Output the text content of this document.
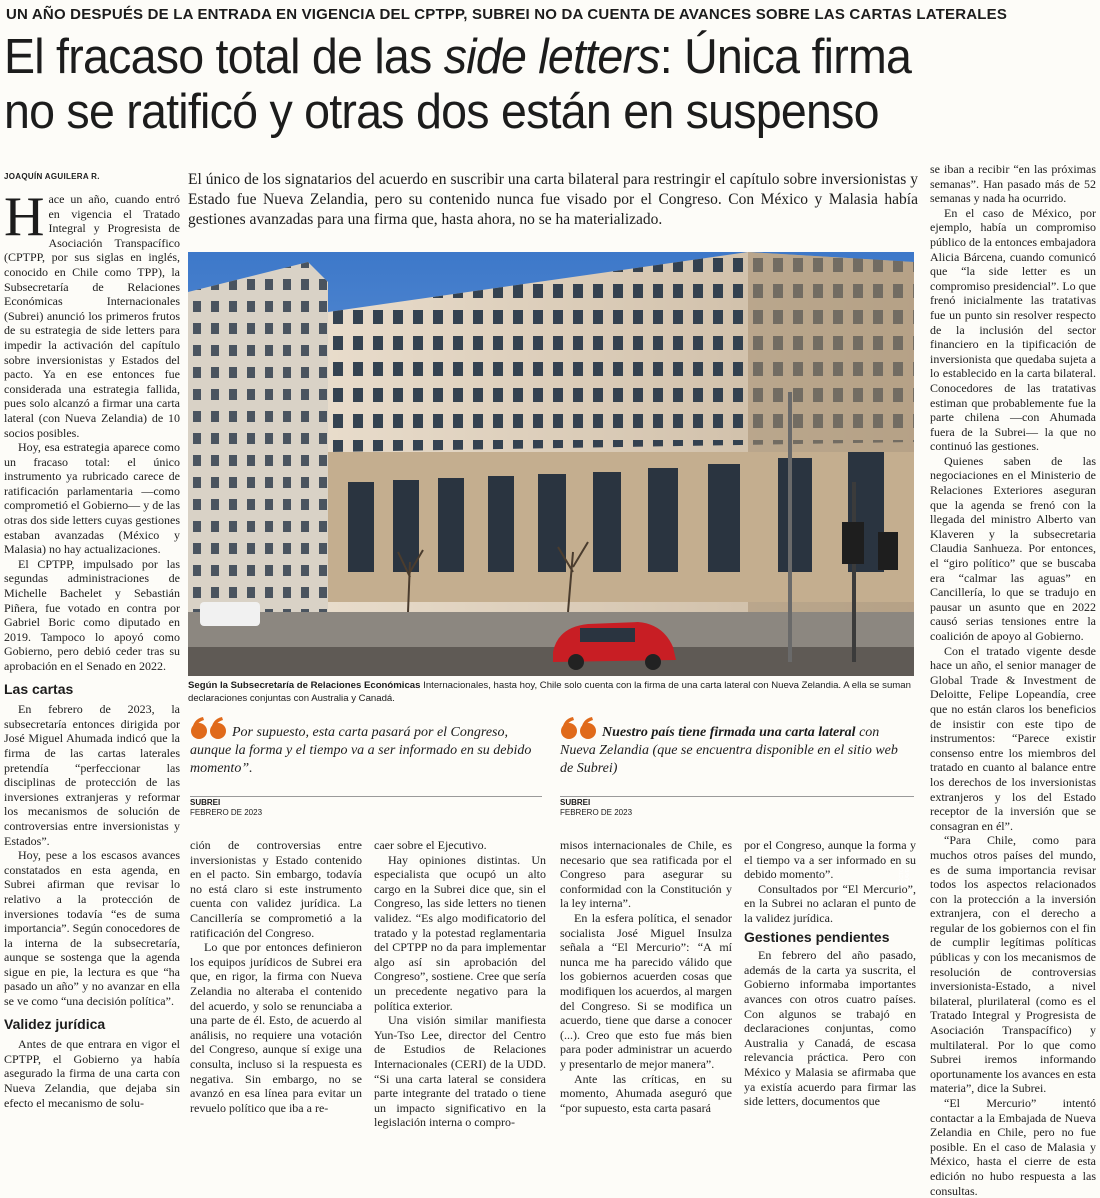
UN AÑO DESPUÉS DE LA ENTRADA EN VIGENCIA DEL CPTPP, SUBREI NO DA CUENTA DE AVANCES SOBRE LAS CARTAS LATERALES
El fracaso total de las side letters: Única firma
no se ratificó y otras dos están en suspenso
JOAQUÍN AGUILERA R.

Hace un año, cuando entró en vigencia el Tratado Integral y Progresista de Asociación Transpacífico (CPTPP, por sus siglas en inglés, conocido en Chile como TPP), la Subsecretaría de Relaciones Económicas Internacionales (Subrei) anunció los primeros frutos de su estrategia de side letters para impedir la activación del capítulo sobre inversionistas y Estados del pacto. Ya en ese entonces fue considerada una estrategia fallida, pues solo alcanzó a firmar una carta lateral (con Nueva Zelandia) de 10 socios posibles.

Hoy, esa estrategia aparece como un fracaso total: el único instrumento ya rubricado carece de ratificación parlamentaria —como comprometió el Gobierno— y de las otras dos side letters cuyas gestiones estaban avanzadas (México y Malasia) no hay actualizaciones.

El CPTPP, impulsado por las segundas administraciones de Michelle Bachelet y Sebastián Piñera, fue votado en contra por Gabriel Boric como diputado en 2019. Tampoco lo apoyó como Gobierno, pero debió ceder tras su aprobación en el Senado en 2022.

Las cartas

En febrero de 2023, la subsecretaría entonces dirigida por José Miguel Ahumada indicó que la firma de las cartas laterales pretendía “perfeccionar las disciplinas de protección de las inversiones extranjeras y reformar los mecanismos de solución de controversias entre inversionistas y Estados”.

Hoy, pese a los escasos avances constatados en esta agenda, en Subrei afirman que revisar lo relativo a la protección de inversiones todavía “es de suma importancia”. Según conocedores de la interna de la subsecretaría, aunque se sostenga que la agenda sigue en pie, la lectura es que “ha pasado un año” y no avanzar en ella se ve como “una decisión política”.

Validez jurídica

Antes de que entrara en vigor el CPTPP, el Gobierno ya había asegurado la firma de una carta con Nueva Zelandia, que dejaba sin efecto el mecanismo de solu-

El único de los signatarios del acuerdo en suscribir una carta bilateral para restringir el capítulo sobre inversionistas y Estado fue Nueva Zelandia, pero su contenido nunca fue visado por el Congreso. Con México y Malasia había gestiones avanzadas para una firma que, hasta ahora, no se ha materializado.
HÉCTOR ARAVENA
Según la Subsecretaría de Relaciones Económicas Internacionales, hasta hoy, Chile solo cuenta con la firma de una carta lateral con Nueva Zelandia. A ella se suman declaraciones conjuntas con Australia y Canadá.
Por supuesto, esta carta pasará por el Congreso, aunque la forma y el tiempo va a ser informado en su debido momento”.
SUBREI
FEBRERO DE 2023
Nuestro país tiene firmada una carta lateral con Nueva Zelandia (que se encuentra disponible en el sitio web de Subrei)
SUBREI
FEBRERO DE 2023

ción de controversias entre inversionistas y Estado contenido en el pacto. Sin embargo, todavía no está claro si este instrumento cuenta con validez jurídica. La Cancillería se comprometió a la ratificación del Congreso.

Lo que por entonces definieron los equipos jurídicos de Subrei era que, en rigor, la firma con Nueva Zelandia no alteraba el contenido del acuerdo, y solo se renunciaba a una parte de él. Esto, de acuerdo al análisis, no requiere una votación del Congreso, aunque sí exige una consulta, incluso si la respuesta es negativa. Sin embargo, no se avanzó en esa línea para evitar un revuelo político que iba a re-

caer sobre el Ejecutivo.

Hay opiniones distintas. Un especialista que ocupó un alto cargo en la Subrei dice que, sin el Congreso, las side letters no tienen validez. “Es algo modificatorio del tratado y la potestad reglamentaria del CPTPP no da para implementar algo así sin aprobación del Congreso”, sostiene. Cree que sería un precedente negativo para la política exterior.

Una visión similar manifiesta Yun-Tso Lee, director del Centro de Estudios de Relaciones Internacionales (CERI) de la UDD. “Si una carta lateral se considera parte integrante del tratado o tiene un impacto significativo en la legislación interna o compro-

misos internacionales de Chile, es necesario que sea ratificada por el Congreso para asegurar su conformidad con la Constitución y la ley interna”.

En la esfera política, el senador socialista José Miguel Insulza señala a “El Mercurio”: “A mí nunca me ha parecido válido que los gobiernos acuerden cosas que modifiquen los acuerdos, al margen del Congreso. Si se modifica un acuerdo, tiene que darse a conocer (...). Creo que esto fue más bien para poder administrar un acuerdo y presentarlo de mejor manera”.

Ante las críticas, en su momento, Ahumada aseguró que “por supuesto, esta carta pasará

por el Congreso, aunque la forma y el tiempo va a ser informado en su debido momento”.

Consultados por “El Mercurio”, en la Subrei no aclaran el punto de la validez jurídica.

Gestiones pendientes

En febrero del año pasado, además de la carta ya suscrita, el Gobierno informaba importantes avances con otros cuatro países. Con algunos se trabajó en declaraciones conjuntas, como Australia y Canadá, de escasa relevancia práctica. Pero con México y Malasia se afirmaba que ya existía acuerdo para firmar las side letters, documentos que

se iban a recibir “en las próximas semanas”. Han pasado más de 52 semanas y nada ha ocurrido.

En el caso de México, por ejemplo, había un compromiso público de la entonces embajadora Alicia Bárcena, cuando comunicó que “la side letter es un compromiso presidencial”. Lo que frenó inicialmente las tratativas fue un punto sin resolver respecto de la inclusión del sector financiero en la tipificación de inversionista que quedaba sujeta a lo establecido en la carta bilateral. Conocedores de las tratativas estiman que probablemente fue la parte chilena —con Ahumada fuera de la Subrei— la que no continuó las gestiones.

Quienes saben de las negociaciones en el Ministerio de Relaciones Exteriores aseguran que la agenda se frenó con la llegada del ministro Alberto van Klaveren y la subsecretaria Claudia Sanhueza. Por entonces, el “giro político” que se buscaba era “calmar las aguas” en Cancillería, lo que se tradujo en pausar un asunto que en 2022 causó serias tensiones entre la coalición de apoyo al Gobierno.

Con el tratado vigente desde hace un año, el senior manager de Global Trade & Investment de Deloitte, Felipe Lopeandía, cree que no están claros los beneficios de insistir con este tipo de instrumentos: “Parece existir consenso entre los miembros del tratado en cuanto al balance entre los derechos de los inversionistas extranjeros y los del Estado receptor de la inversión que se consagran en él”.

“Para Chile, como para muchos otros países del mundo, es de suma importancia revisar todos los aspectos relacionados con la protección a la inversión extranjera, con el derecho a regular de los gobiernos con el fin de cumplir legítimas políticas públicas y con los mecanismos de resolución de controversias inversionista-Estado, a nivel bilateral, plurilateral (como es el Tratado Integral y Progresista de Asociación Transpacífico) y multilateral. Por lo que como Subrei iremos informando oportunamente los avances en esta materia”, dice la Subrei.

“El Mercurio” intentó contactar a la Embajada de Nueva Zelandia en Chile, pero no fue posible. En el caso de Malasia y México, hasta el cierre de esta edición no hubo respuesta a las consultas.
